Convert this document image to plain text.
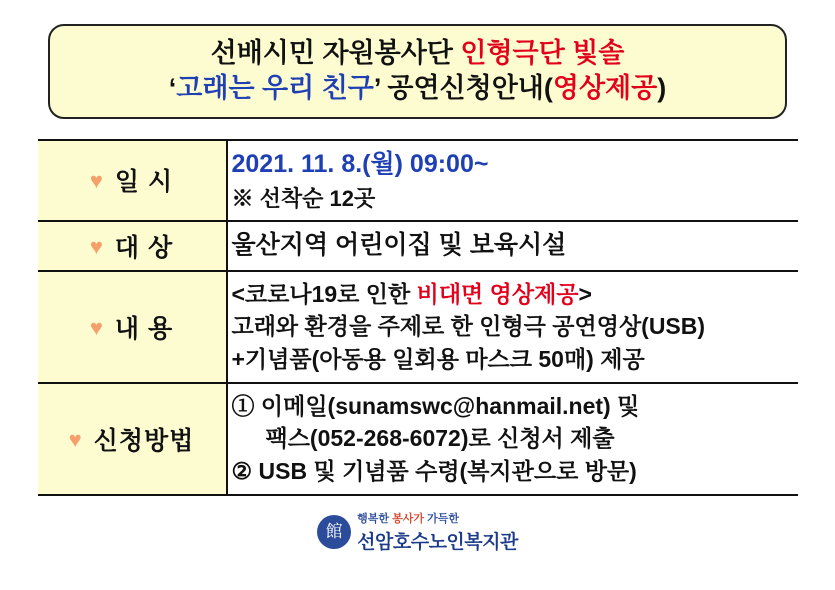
선배시민 자원봉사단 인형극단 빛솔
‘고래는 우리 친구’ 공연신청안내(영상제공)
♥ 일 시	2021. 11. 8.(월) 09:00~
※ 선착순 12곳

♥ 대 상	울산지역 어린이집 및 보육시설

♥ 내 용	<코로나19로 인한 비대면 영상제공>
고래와 환경을 주제로 한 인형극 공연영상(USB)
+기념품(아동용 일회용 마스크 50매) 제공

♥ 신청방법	① 이메일(sunamswc@hanmail.net) 및
팩스(052-268-6072)로 신청서 제출
② USB 및 기념품 수령(복지관으로 방문)
館
행복한 봉사가 가득한
선암호수노인복지관
